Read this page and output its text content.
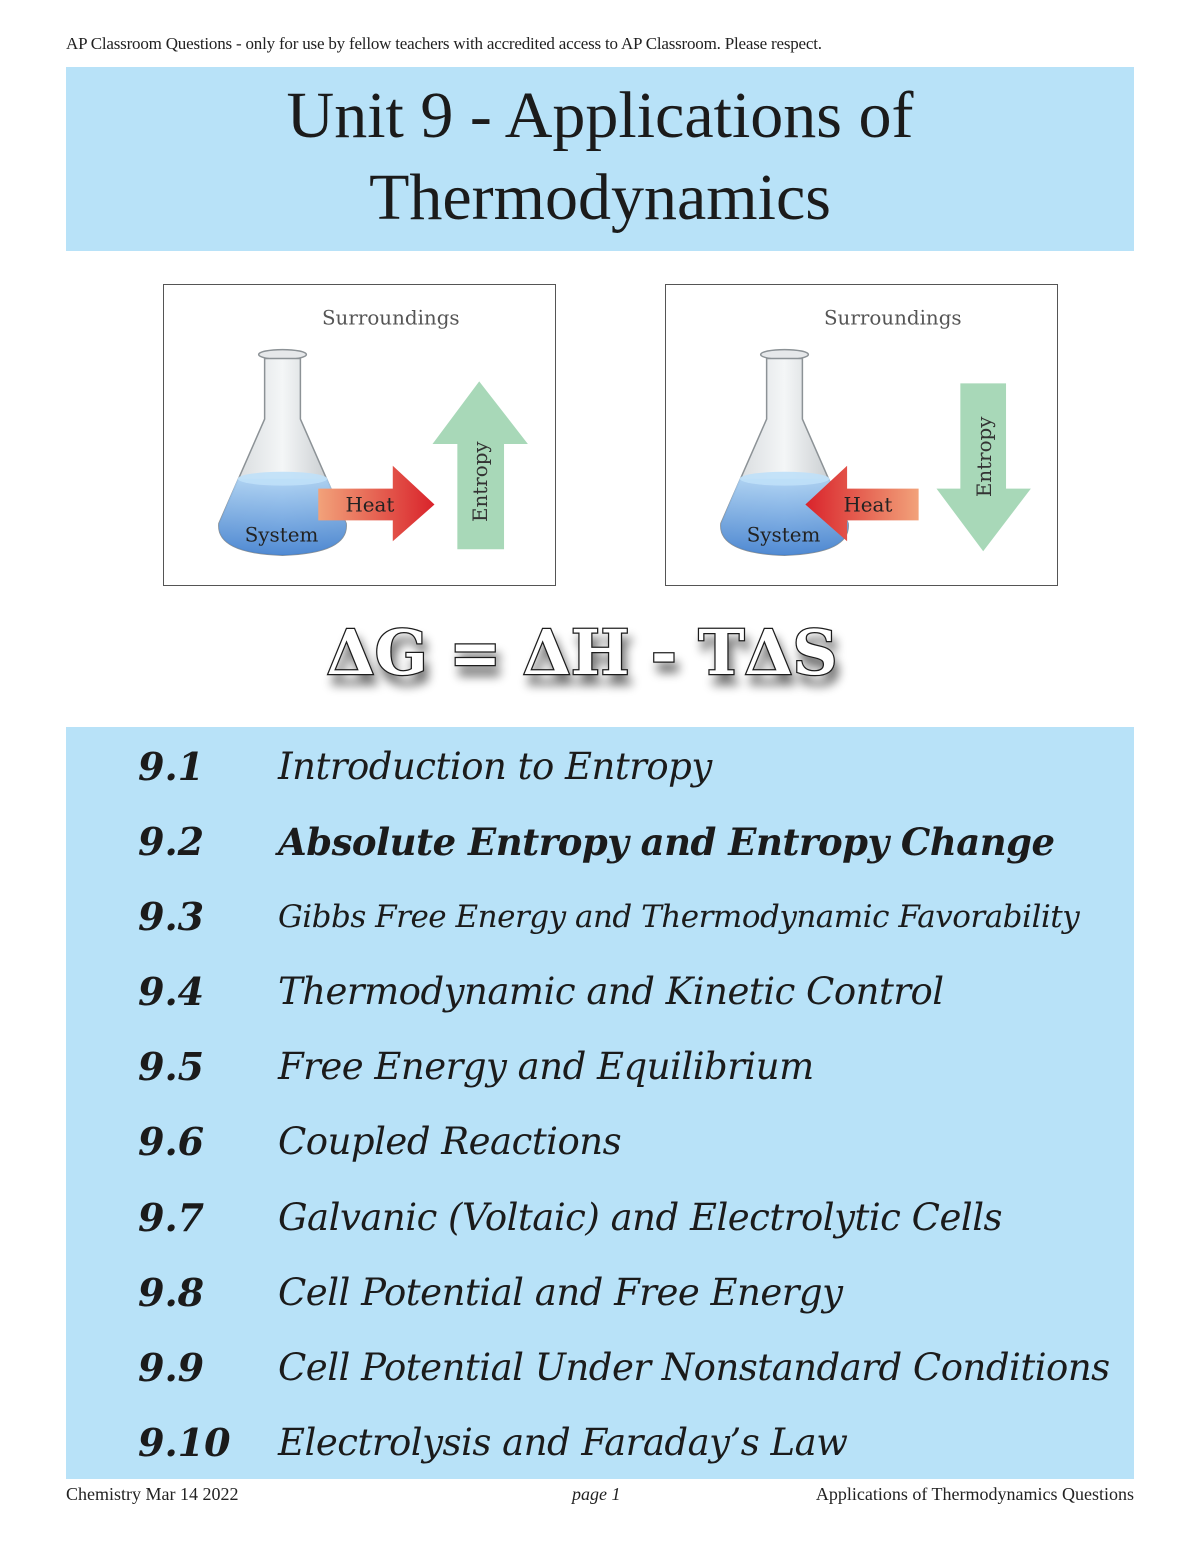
AP Classroom Questions - only for use by fellow teachers with accredited access to AP Classroom. Please respect.
Unit 9 - Applications of
Thermodynamics
Surroundings
System
Heat	Entropy
Surroundings
System
Heat
Entropy
ΔG = ΔH - TΔS
9.1 Introduction to Entropy
9.2 Absolute Entropy and Entropy Change
9.3 Gibbs Free Energy and Thermodynamic Favorability
9.4 Thermodynamic and Kinetic Control
9.5 Free Energy and Equilibrium
9.6 Coupled Reactions
9.7 Galvanic (Voltaic) and Electrolytic Cells
9.8 Cell Potential and Free Energy
9.9 Cell Potential Under Nonstandard Conditions
9.10 Electrolysis and Faraday’s Law
Chemistry Mar 14 2022	page 1	Applications of Thermodynamics Questions
